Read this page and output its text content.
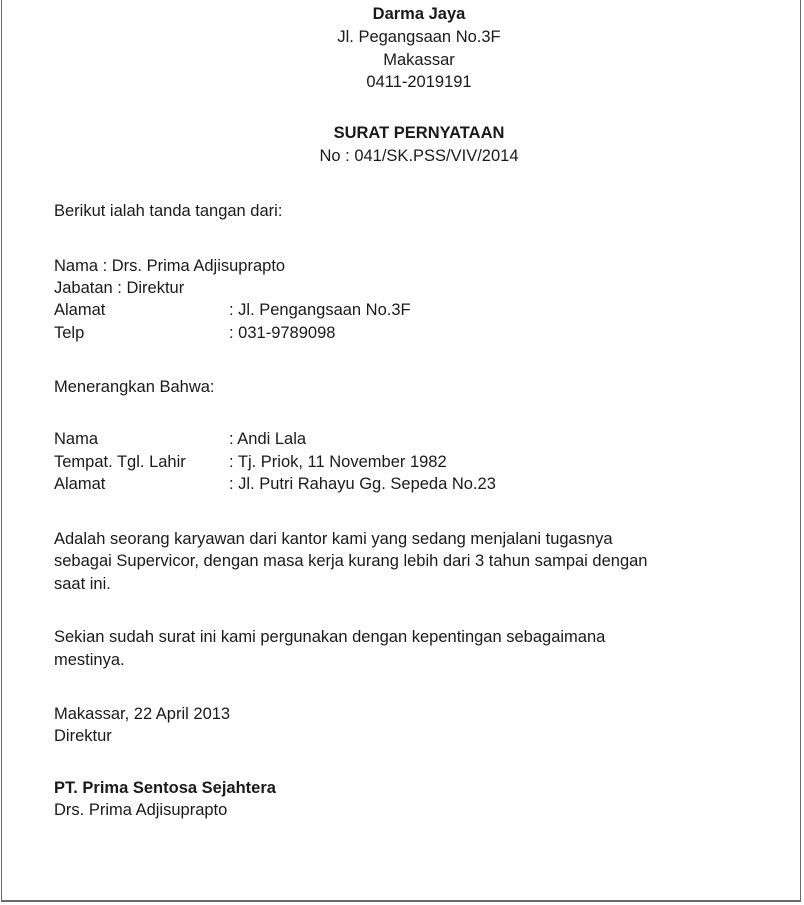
Darma Jaya
Jl. Pegangsaan No.3F
Makassar
0411-2019191
SURAT PERNYATAAN
No : 041/SK.PSS/VIV/2014
Berikut ialah tanda tangan dari:
Nama : Drs. Prima Adjisuprapto
Jabatan : Direktur
Alamat	: Jl. Pengangsaan No.3F
Telp	: 031-9789098
Menerangkan Bahwa:
Nama	: Andi Lala
Tempat. Tgl. Lahir	: Tj. Priok, 11 November 1982
Alamat	: Jl. Putri Rahayu Gg. Sepeda No.23
Adalah seorang karyawan dari kantor kami yang sedang menjalani tugasnya
sebagai Supervicor, dengan masa kerja kurang lebih dari 3 tahun sampai dengan
saat ini.
Sekian sudah surat ini kami pergunakan dengan kepentingan sebagaimana
mestinya.
Makassar, 22 April 2013
Direktur
PT. Prima Sentosa Sejahtera
Drs. Prima Adjisuprapto
